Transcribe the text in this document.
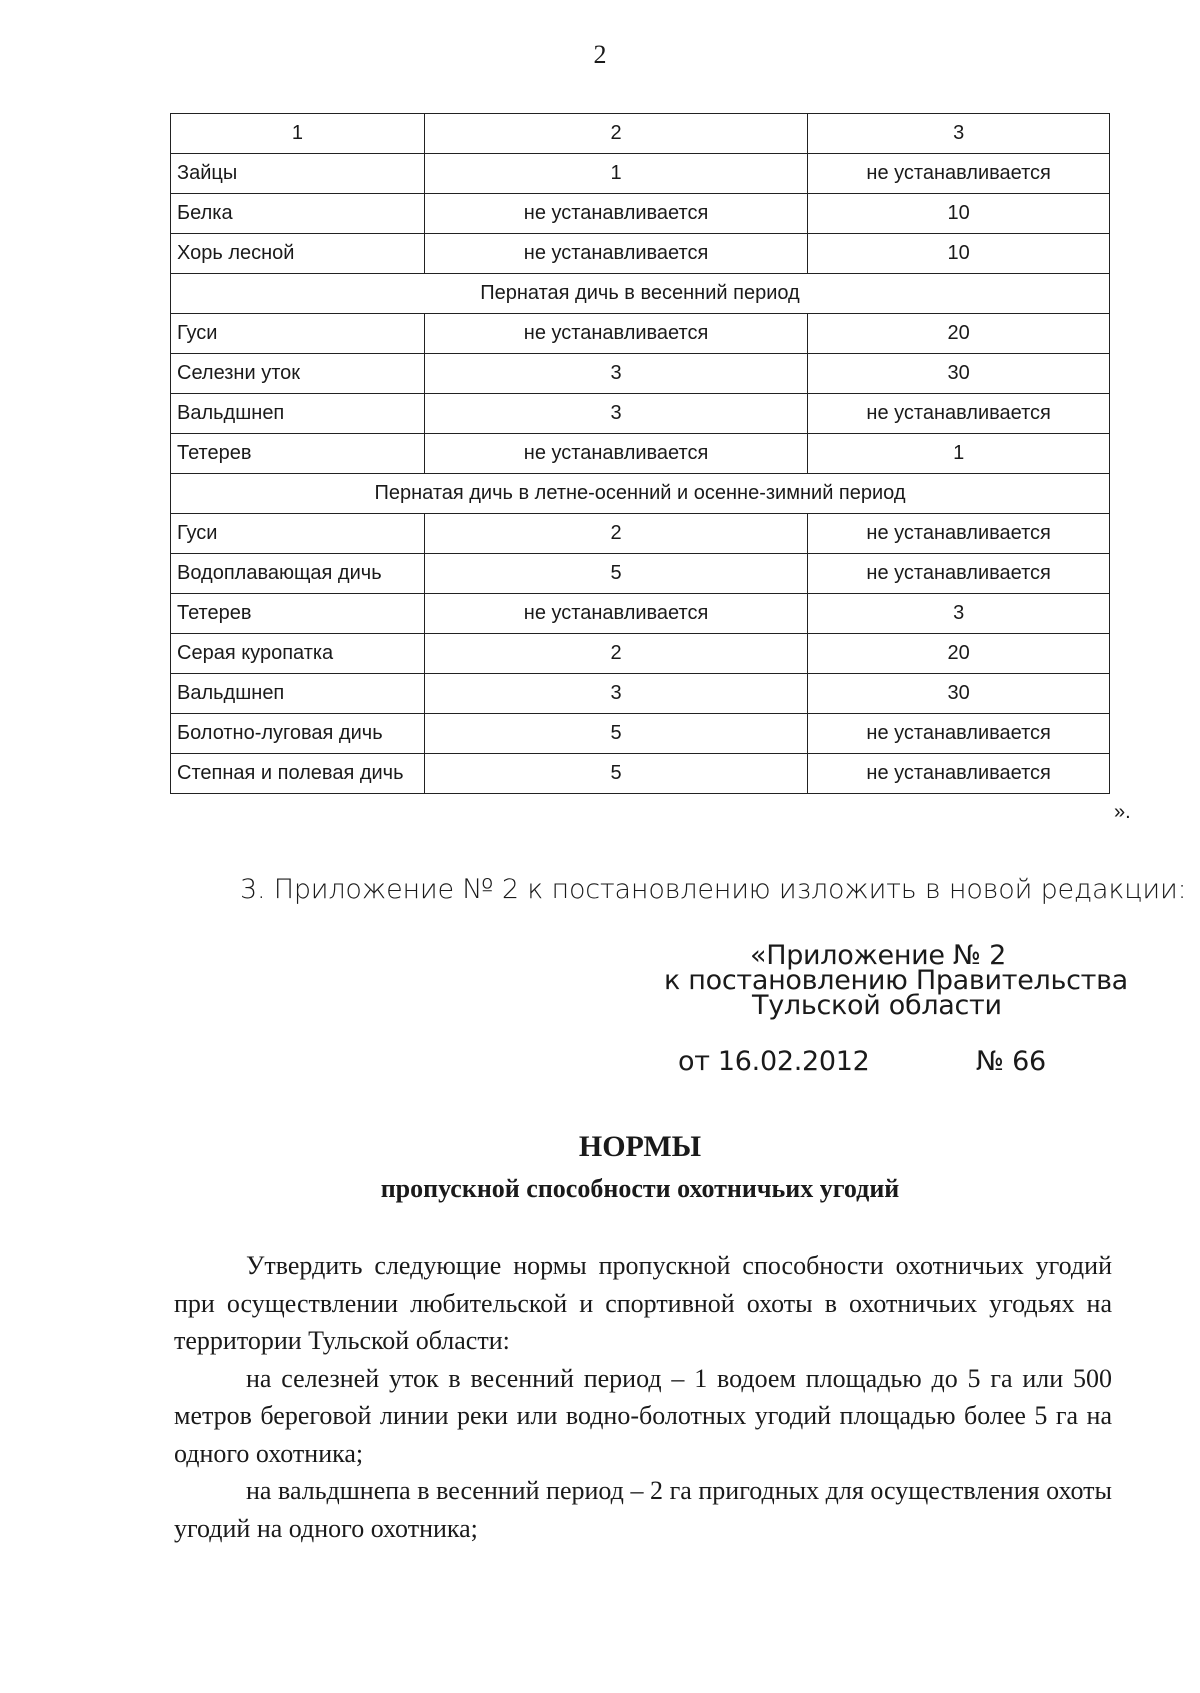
2
1	2	3
Зайцы	1	не устанавливается
Белка	не устанавливается	10
Хорь лесной	не устанавливается	10
Пернатая дичь в весенний период		
Гуси	не устанавливается	20
Селезни уток	3	30
Вальдшнеп	3	не устанавливается
Тетерев	не устанавливается	1
Пернатая дичь в летне-осенний и осенне-зимний период		
Гуси	2	не устанавливается
Водоплавающая дичь	5	не устанавливается
Тетерев	не устанавливается	3
Серая куропатка	2	20
Вальдшнеп	3	30
Болотно-луговая дичь	5	не устанавливается
Степная и полевая дичь	5	не устанавливается
».
3. Приложение № 2 к постановлению изложить в новой редакции:
«Приложение № 2
к постановлению Правительства
Тульской области
от 16.02.2012	№ 66
НОРМЫ
пропускной способности охотничьих угодий

Утвердить следующие нормы пропускной способности охотничьих угодий при осуществлении любительской и спортивной охоты в охотничьих угодьях на территории Тульской области:

на селезней уток в весенний период – 1 водоем площадью до 5 га или 500 метров береговой линии реки или водно-болотных угодий площадью более 5 га на одного охотника;

на вальдшнепа в весенний период – 2 га пригодных для осуществления охоты угодий на одного охотника;
